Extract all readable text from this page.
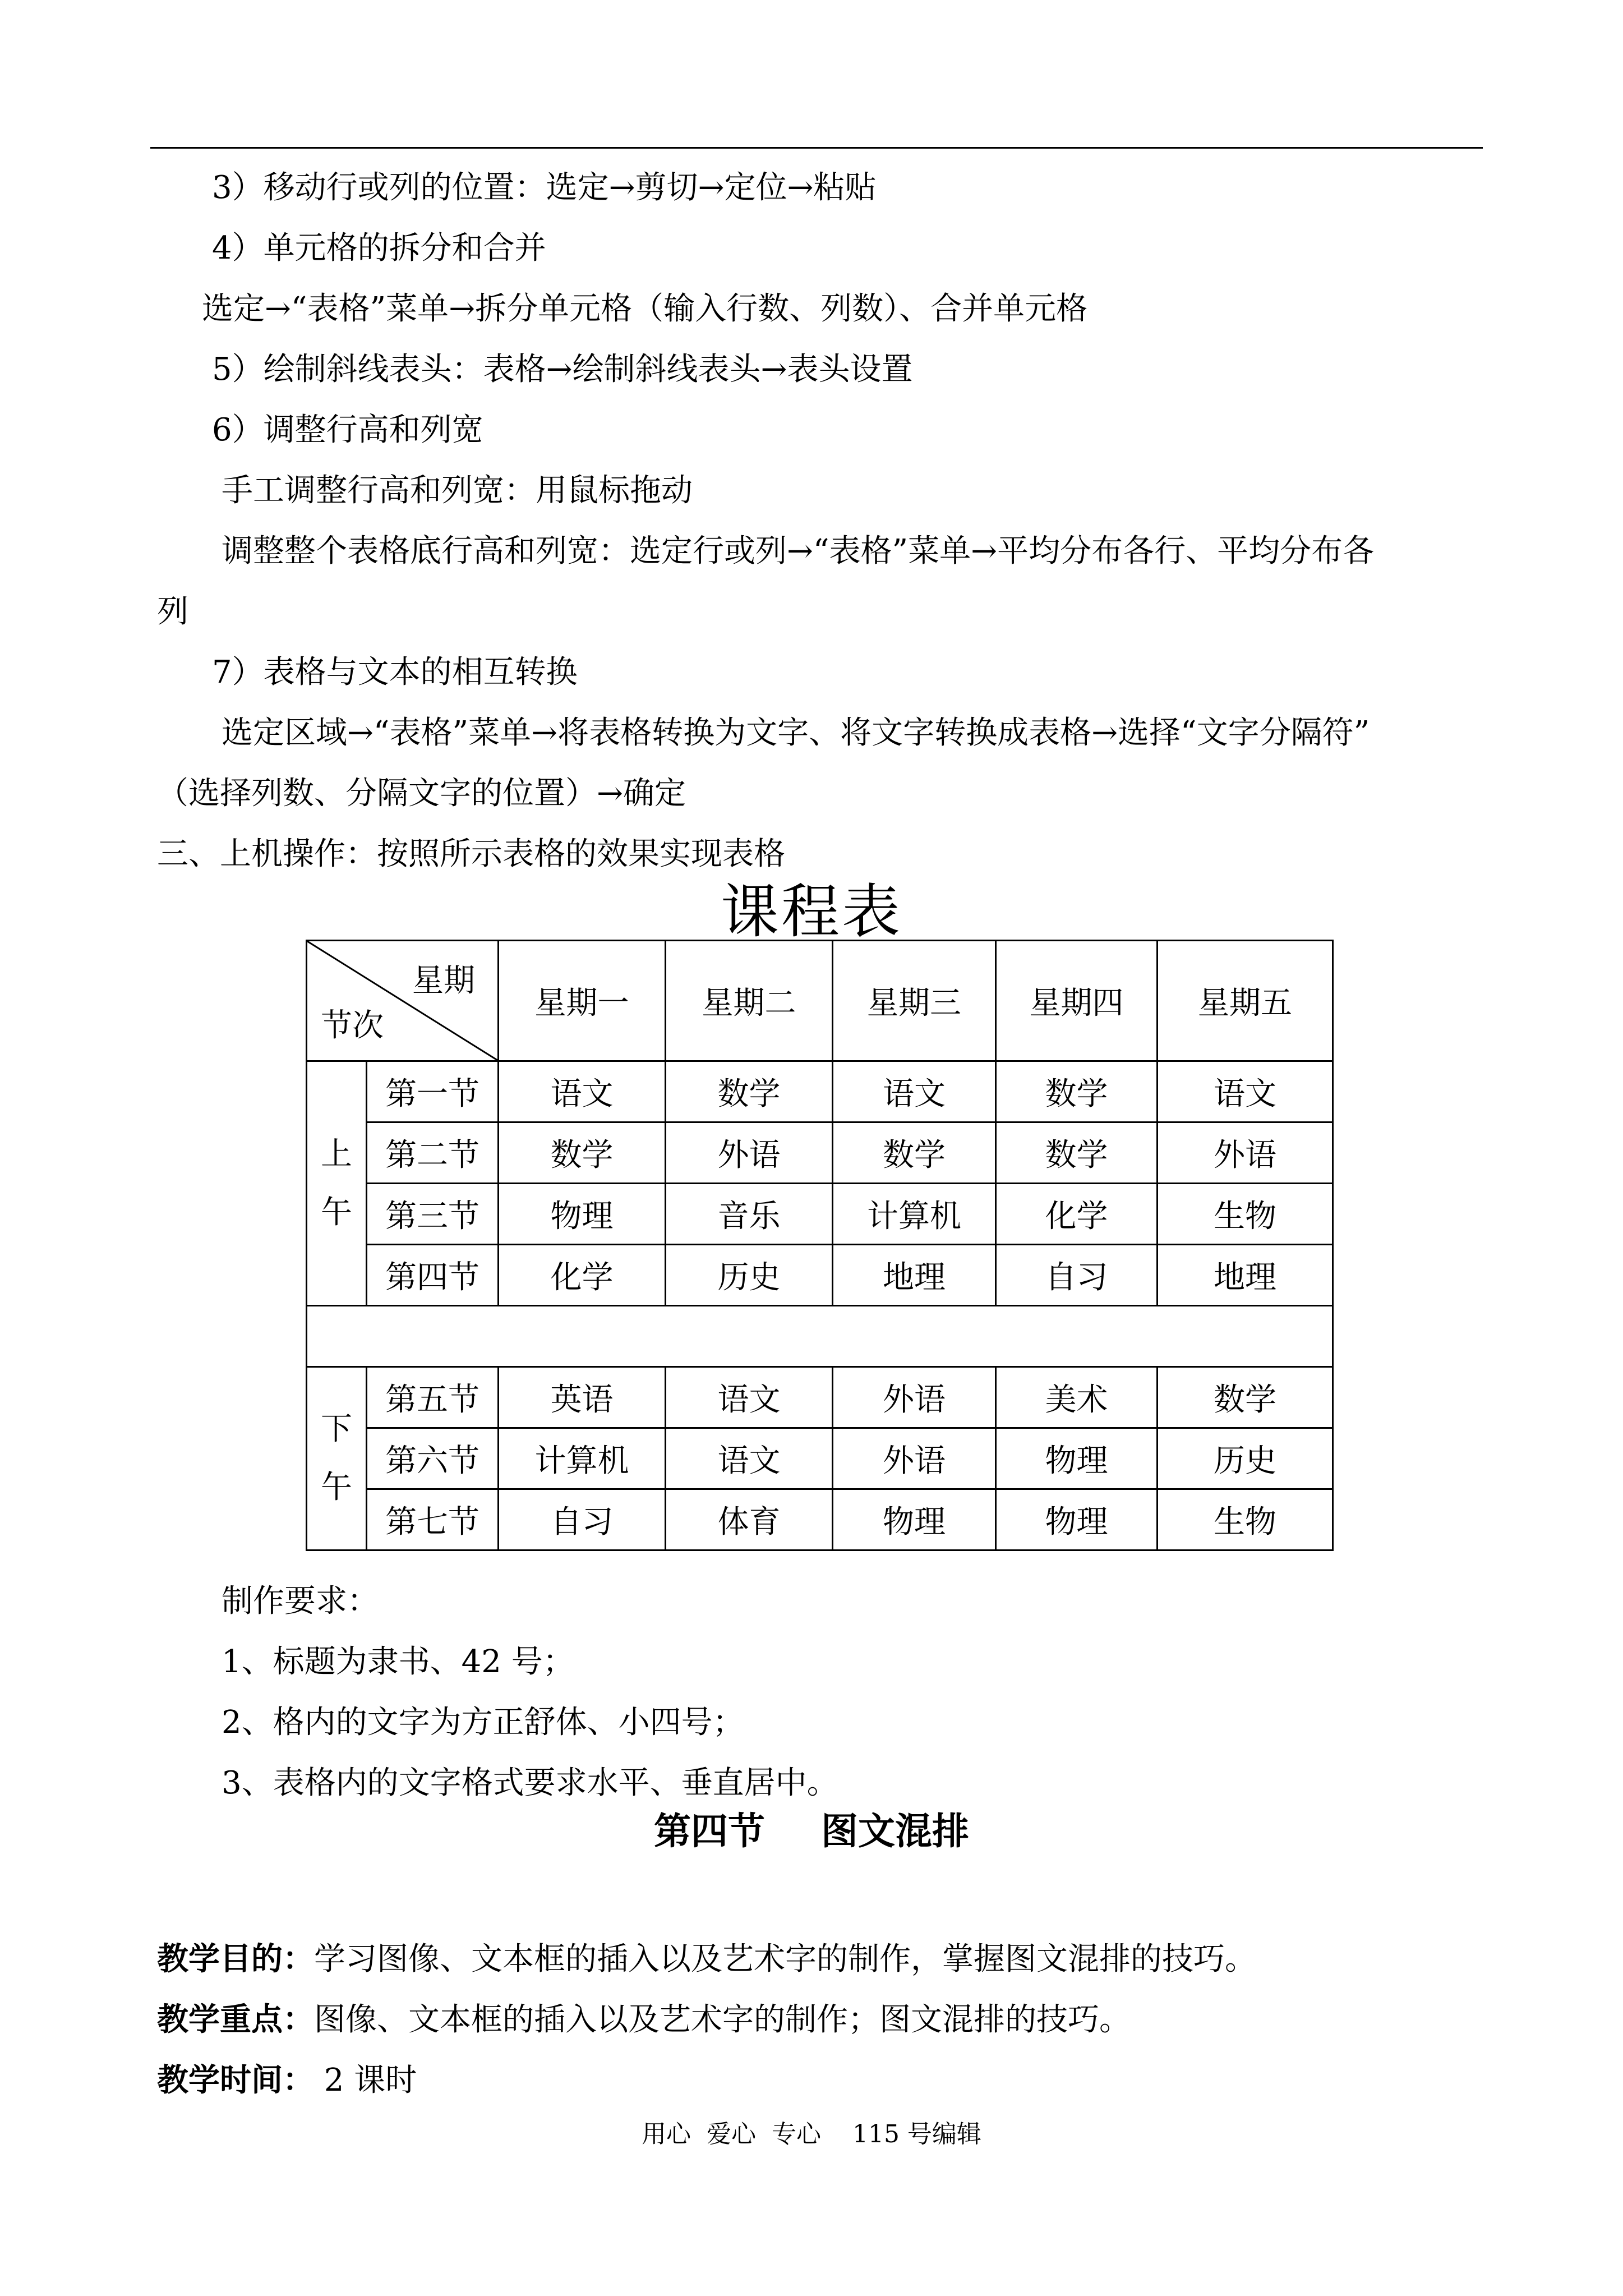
3）移动行或列的位置：选定→剪切→定位→粘贴
4）单元格的拆分和合并
选定→“表格”菜单→拆分单元格（输入行数、列数）、合并单元格
5）绘制斜线表头：表格→绘制斜线表头→表头设置
6）调整行高和列宽
手工调整行高和列宽：用鼠标拖动
调整整个表格底行高和列宽：选定行或列→“表格”菜单→平均分布各行、平均分布各
列
7）表格与文本的相互转换
选定区域→“表格”菜单→将表格转换为文字、将文字转换成表格→选择“文字分隔符”
（选择列数、分隔文字的位置）→确定
三、上机操作：按照所示表格的效果实现表格
课程表
星期
节次		星期一	星期二	星期三	星期四	星期五

上
午	第一节	语文	数学	语文	数学	语文
	第二节	数学	外语	数学	数学	外语
	第三节	物理	音乐	计算机	化学	生物
	第四节	化学	历史	地理	自习	地理

下
午	第五节	英语	语文	外语	美术	数学
	第六节	计算机	语文	外语	物理	历史
	第七节	自习	体育	物理	物理	生物
制作要求：
1、标题为隶书、42 号；
2、格内的文字为方正舒体、小四号；
3、表格内的文字格式要求水平、垂直居中。
第四节 图文混排
教学目的：学习图像、文本框的插入以及艺术字的制作，掌握图文混排的技巧。
教学重点：图像、文本框的插入以及艺术字的制作；图文混排的技巧。
教学时间： 2 课时
用心  爱心  专心    115 号编辑
